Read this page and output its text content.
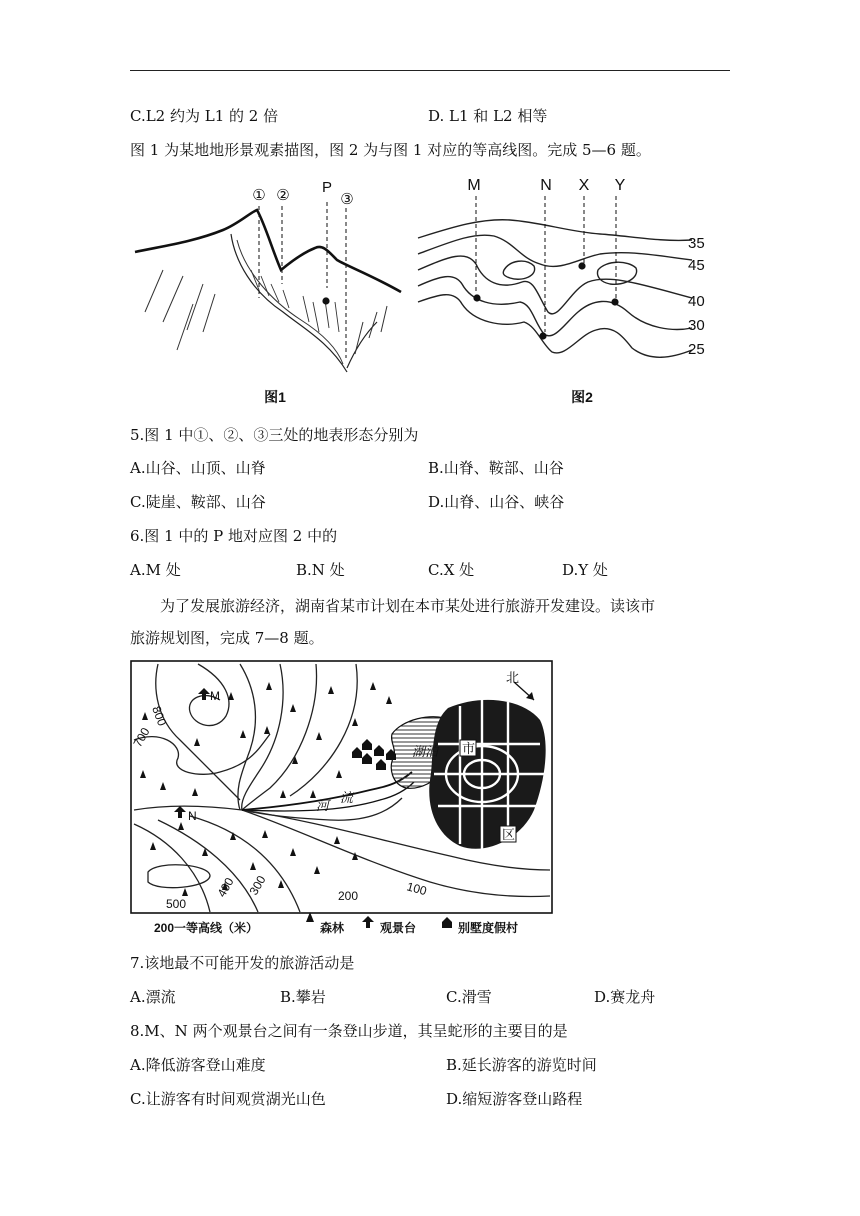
C.L2 约为 L1 的 2 倍	D. L1 和 L2 相等
图 1 为某地地形景观素描图，图 2 为与图 1 对应的等高线图。完成 5—6 题。
① ② P
③
图1
M	N X Y
35
45
40
30
25
图2
5.图 1 中①、②、③三处的地表形态分别为
A.山谷、山顶、山脊	B.山脊、鞍部、山谷
C.陡崖、鞍部、山谷	D.山脊、山谷、峡谷
6.图 1 中的 P 地对应图 2 中的
A.M 处	B.N 处	C.X 处	D.Y 处
为了发展旅游经济，湖南省某市计划在本市某处进行旅游开发建设。读该市
旅游规划图，完成 7—8 题。
北
M
N
湖泊
河
流
市
区
800
700
500
400 300	200	100
200一等高线（米）	森林	观景台	别墅度假村
7.该地最不可能开发的旅游活动是
A.漂流	B.攀岩	C.滑雪	D.赛龙舟
8.M、N 两个观景台之间有一条登山步道，其呈蛇形的主要目的是
A.降低游客登山难度	B.延长游客的游览时间
C.让游客有时间观赏湖光山色	D.缩短游客登山路程
